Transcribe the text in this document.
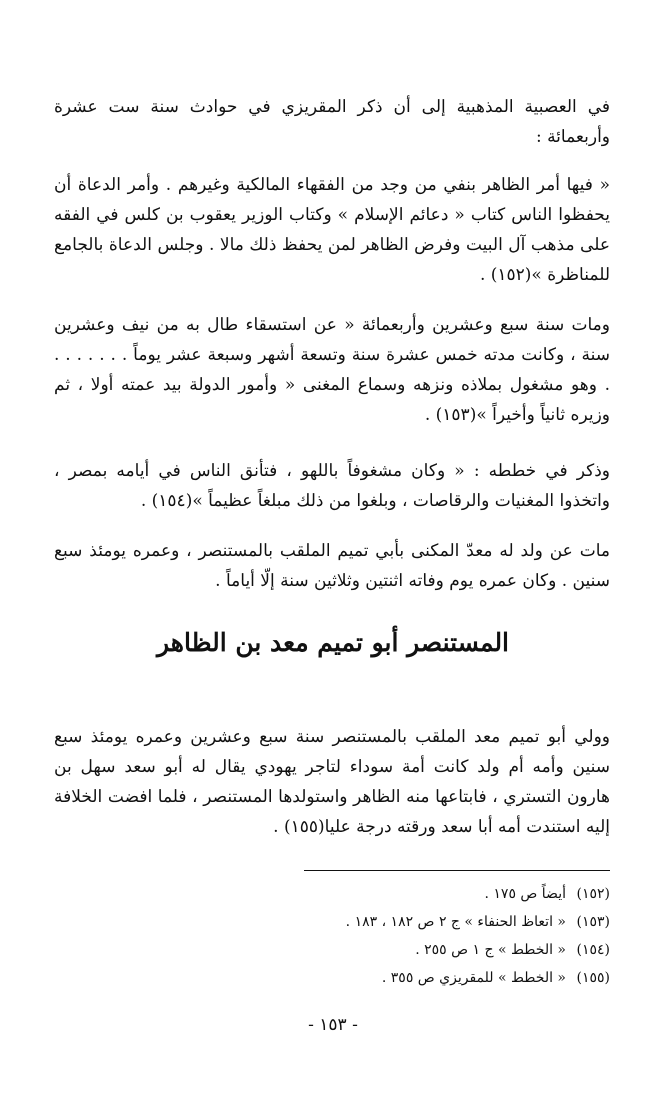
في العصبية المذهبية إلى أن ذكر المقريزي في حوادث سنة ست عشرة وأربعمائة :

« فيها أمر الظاهر بنفي من وجد من الفقهاء المالكية وغيرهم . وأمر الدعاة أن يحفظوا الناس كتاب « دعائم الإسلام » وكتاب الوزير يعقوب بن كلس في الفقه على مذهب آل البيت وفرض الظاهر لمن يحفظ ذلك مالا . وجلس الدعاة بالجامع للمناظرة »(١٥٢) .

ومات سنة سبع وعشرين وأربعمائة « عن استسقاء طال به من نيف وعشرين سنة ، وكانت مدته خمس عشرة سنة وتسعة أشهر وسبعة عشر يوماً . . . . . . . . وهو مشغول بملاذه ونزهه وسماع المغنى « وأمور الدولة بيد عمته أولا ، ثم وزيره ثانياً وأخيراً »(١٥٣) .

وذكر في خططه : « وكان مشغوفاً باللهو ، فتأنق الناس في أيامه بمصر ، واتخذوا المغنيات والرقاصات ، وبلغوا من ذلك مبلغاً عظيماً »(١٥٤) .

مات عن ولد له معدّ المكنى بأبي تميم الملقب بالمستنصر ، وعمره يومئذ سبع سنين . وكان عمره يوم وفاته اثنتين وثلاثين سنة إلّا أياماً .

المستنصر أبو تميم معد بن الظاهر

وولي أبو تميم معد الملقب بالمستنصر سنة سبع وعشرين وعمره يومئذ سبع سنين وأمه أم ولد كانت أمة سوداء لتاجر يهودي يقال له أبو سعد سهل بن هارون التستري ، فابتاعها منه الظاهر واستولدها المستنصر ، فلما افضت الخلافة إليه استندت أمه أبا سعد ورقته درجة عليا(١٥٥) .

(١٥٢)أيضاً ص ١٧٥ .
(١٥٣)« اتعاظ الحنفاء » ج ٢ ص ١٨٢ ، ١٨٣ .
(١٥٤)« الخطط » ج ١ ص ٢٥٥ .
(١٥٥)« الخطط » للمقريزي ص ٣٥٥ .
- ١٥٣ -
